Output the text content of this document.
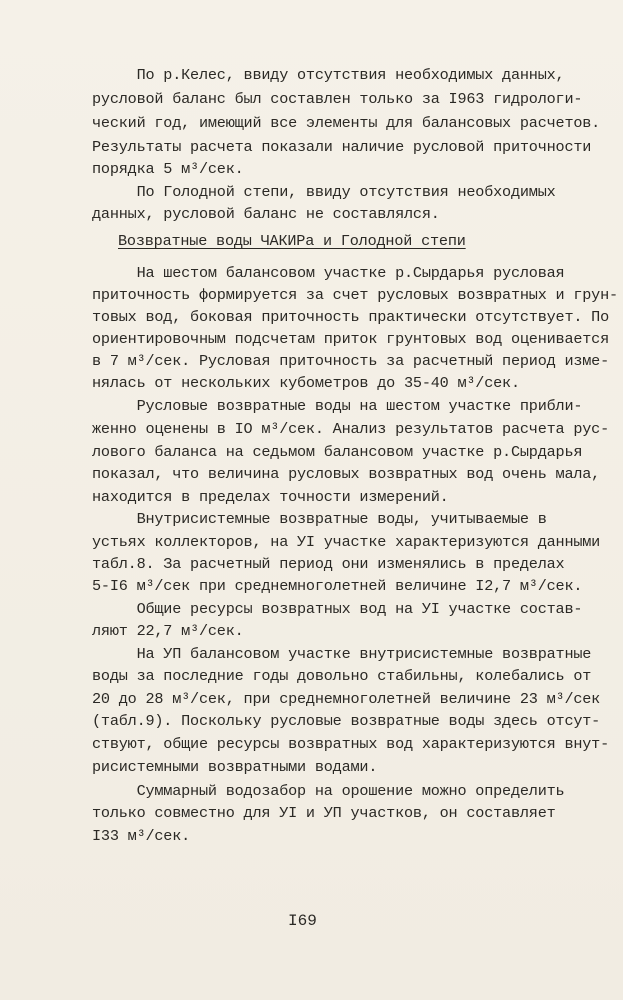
По р.Келес, ввиду отсутствия необходимых данных,
русловой баланс был составлен только за I963 гидрологи-
ческий год, имеющий все элементы для балансовых расчетов.
Результаты расчета показали наличие русловой приточности
порядка 5 м³/сек.
По Голодной степи, ввиду отсутствия необходимых
данных, русловой баланс не составлялся.
Возвратные воды ЧАКИРа и Голодной степи
На шестом балансовом участке р.Сырдарья русловая
приточность формируется за счет русловых возвратных и грун-
товых вод, боковая приточность практически отсутствует. По
ориентировочным подсчетам приток грунтовых вод оценивается
в 7 м³/сек. Русловая приточность за расчетный период изме-
нялась от нескольких кубометров до 35-40 м³/сек.
Русловые возвратные воды на шестом участке прибли-
женно оценены в IO м³/сек. Анализ результатов расчета рус-
лового баланса на седьмом балансовом участке р.Сырдарья
показал, что величина русловых возвратных вод очень мала,
находится в пределах точности измерений.
Внутрисистемные возвратные воды, учитываемые в
устьях коллекторов, на УI участке характеризуются данными
табл.8. За расчетный период они изменялись в пределах
5-I6 м³/сек при среднемноголетней величине I2,7 м³/сек.
Общие ресурсы возвратных вод на УI участке состав-
ляют 22,7 м³/сек.
На УП балансовом участке внутрисистемные возвратные
воды за последние годы довольно стабильны, колебались от
20 до 28 м³/сек, при среднемноголетней величине 23 м³/сек
(табл.9). Поскольку русловые возвратные воды здесь отсут-
ствуют, общие ресурсы возвратных вод характеризуются внут-
рисистемными возвратными водами.
Суммарный водозабор на орошение можно определить
только совместно для УI и УП участков, он составляет
I33 м³/сек.
I69
